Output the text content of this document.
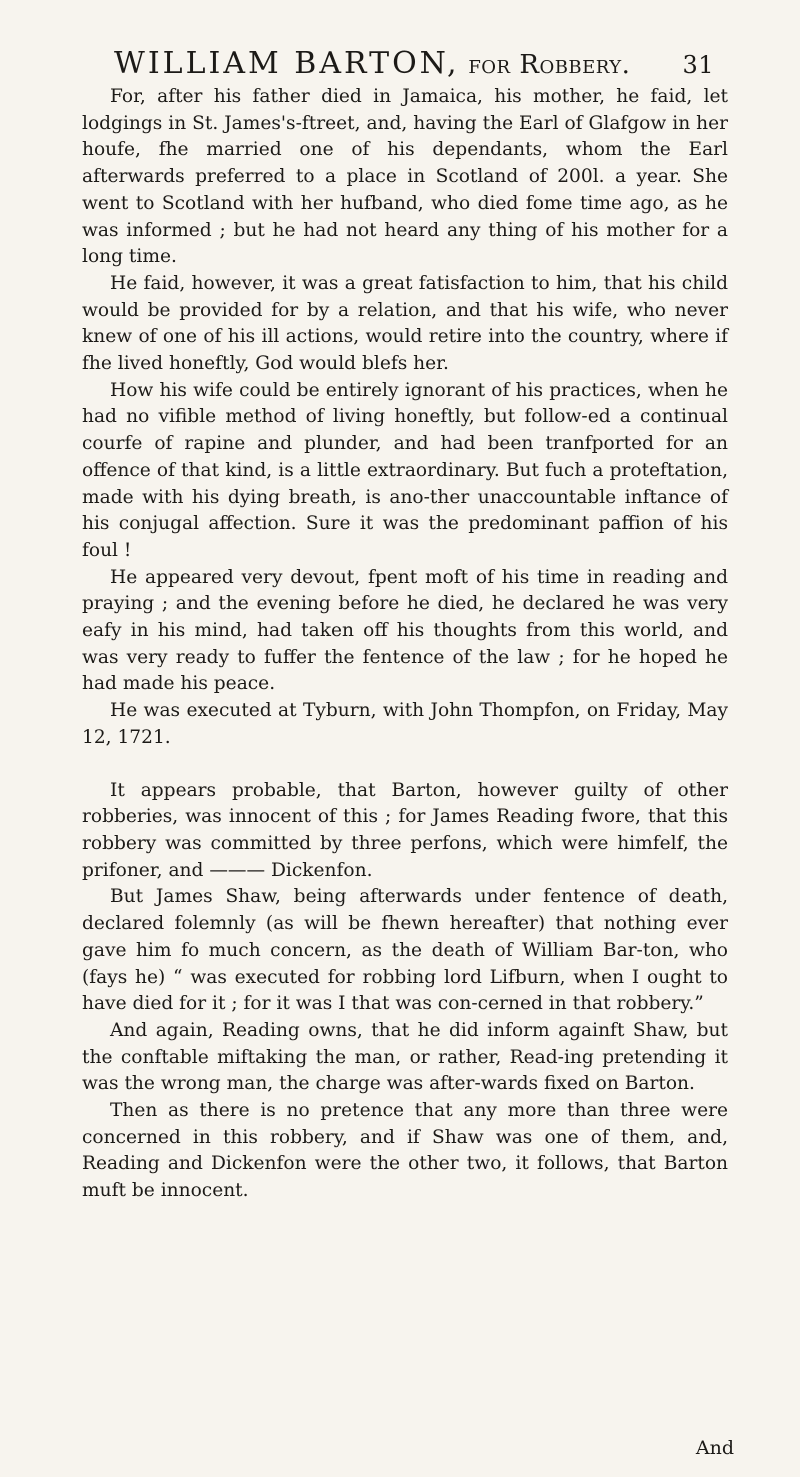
WILLIAM BARTON, for Robbery. 31

For, after his father died in Jamaica, his mother, he faid, let lodgings in St. James's-ftreet, and, having the Earl of Glafgow in her houfe, fhe married one of his dependants, whom the Earl afterwards preferred to a place in Scotland of 200l. a year. She went to Scotland with her hufband, who died fome time ago, as he was informed ; but he had not heard any thing of his mother for a long time.

He faid, however, it was a great fatisfaction to him, that his child would be provided for by a relation, and that his wife, who never knew of one of his ill actions, would retire into the country, where if fhe lived honeftly, God would blefs her.

How his wife could be entirely ignorant of his practices, when he had no vifible method of living honeftly, but follow-ed a continual courfe of rapine and plunder, and had been tranfported for an offence of that kind, is a little extraordinary. But fuch a proteftation, made with his dying breath, is ano-ther unaccountable inftance of his conjugal affection. Sure it was the predominant paffion of his foul !

He appeared very devout, fpent moft of his time in reading and praying ; and the evening before he died, he declared he was very eafy in his mind, had taken off his thoughts from this world, and was very ready to fuffer the fentence of the law ; for he hoped he had made his peace.

He was executed at Tyburn, with John Thompfon, on Friday, May 12, 1721.

It appears probable, that Barton, however guilty of other robberies, was innocent of this ; for James Reading fwore, that this robbery was committed by three perfons, which were himfelf, the prifoner, and ——— Dickenfon.

But James Shaw, being afterwards under fentence of death, declared folemnly (as will be fhewn hereafter) that nothing ever gave him fo much concern, as the death of William Bar-ton, who (fays he) “ was executed for robbing lord Lifburn, when I ought to have died for it ; for it was I that was con-cerned in that robbery.”

And again, Reading owns, that he did inform againft Shaw, but the conftable miftaking the man, or rather, Read-ing pretending it was the wrong man, the charge was after-wards fixed on Barton.

Then as there is no pretence that any more than three were concerned in this robbery, and if Shaw was one of them, and, Reading and Dickenfon were the other two, it follows, that Barton muft be innocent.

And
